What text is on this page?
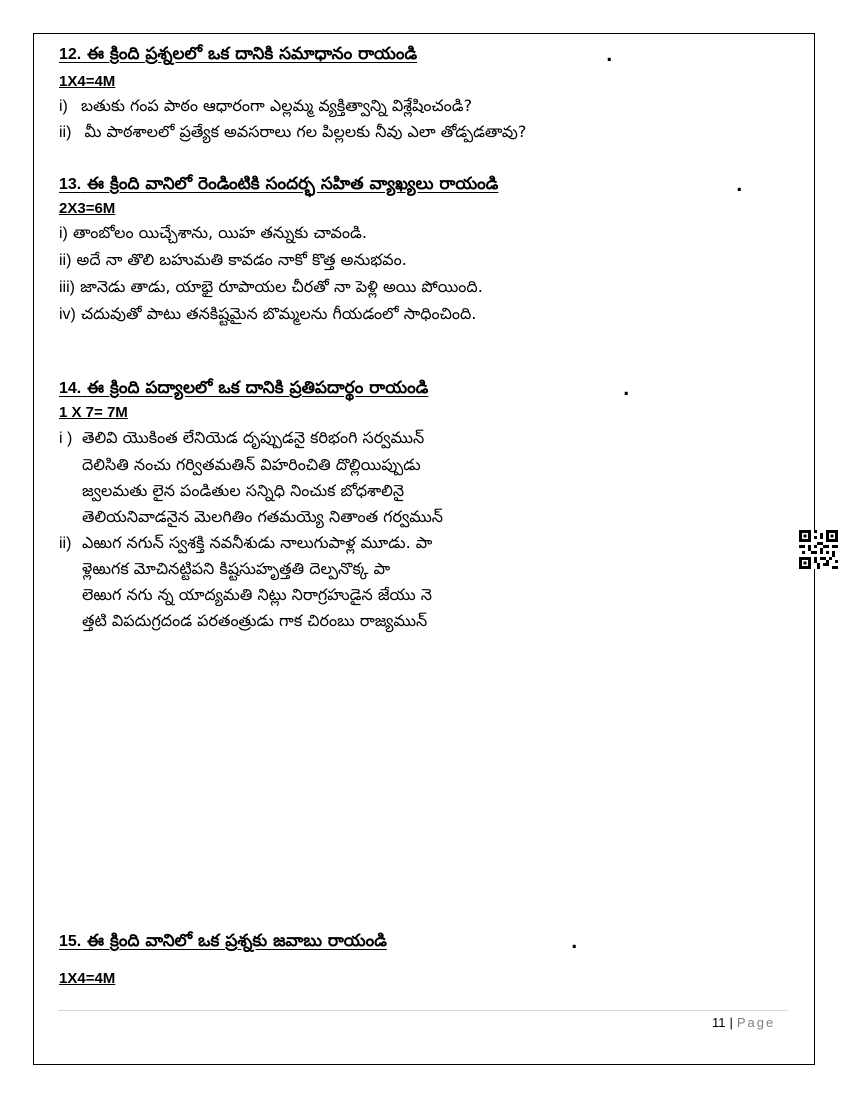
12. ఈ క్రింది ప్రశ్నలలో ఒక దానికి సమాధానం రాయండి	.
1X4=4M
i) బతుకు గంప పాఠం ఆధారంగా ఎల్లమ్మ వ్యక్తిత్వాన్ని విశ్లేషించండి?
ii) మీ పాఠశాలలో ప్రత్యేక అవసరాలు గల పిల్లలకు నీవు ఎలా తోడ్పడతావు?
13. ఈ క్రింది వానిలో రెండింటికి సందర్భ సహిత వ్యాఖ్యలు రాయండి	.
2X3=6M
i) తాంబోలం యిచ్చేశాను, యిహ తన్నుకు చావండి.
ii) అదే నా తొలి బహుమతి కావడం నాకో కొత్త అనుభవం.
iii) జానెడు తాడు, యాభై రూపాయల చీరతో నా పెళ్లి అయి పోయింది.
iv) చదువుతో పాటు తనకిష్టమైన బొమ్మలను గీయడంలో సాధించింది.
14. ఈ క్రింది పద్యాలలో ఒక దానికి ప్రతిపదార్థం రాయండి	.
1 X 7= 7M
i ) తెలివి యొకింత లేనియెడ దృప్పుడనై కరిభంగి సర్వమున్
దెలిసితి నంచు గర్వితమతిన్ విహరించితి దొల్లియిప్పుడు
జ్వలమతు లైన పండితుల సన్నిధి నించుక బోధశాలినై
తెలియనివాడనైన మెలగితిం గతమయ్యె నితాంత గర్వమున్
ii) ఎఱుగ నగున్ స్వశక్తి నవనీశుడు నాలుగుపాళ్ల మూడు. పా
ళ్లెఱుగక మోచినట్టిపని కిష్టసుహృత్తతి దెల్పనొక్క పా
లెఱుగ నగు న్న యాద్యమతి నిట్లు నిరాగ్రహుడైన జేయు నె
త్తటి విపదుగ్రదండ పరతంత్రుడు గాక చిరంబు రాజ్యమున్
15. ఈ క్రింది వానిలో ఒక ప్రశ్నకు జవాబు రాయండి	.
1X4=4M
11 | Page
